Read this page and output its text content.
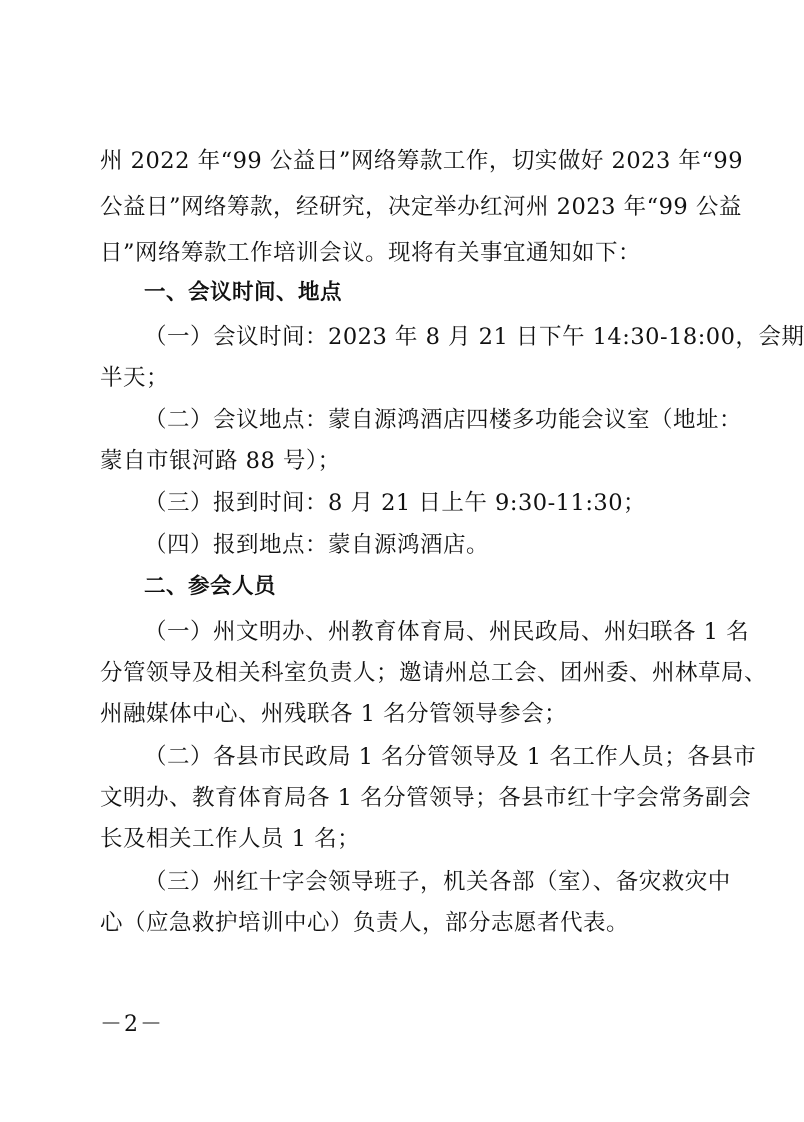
州 2022 年“99 公益日”网络筹款工作，切实做好 2023 年“99
公益日”网络筹款，经研究，决定举办红河州 2023 年“99 公益
日”网络筹款工作培训会议。现将有关事宜通知如下：
一、会议时间、地点
（一）会议时间：2023 年 8 月 21 日下午 14:30-18:00，会期
半天；
（二）会议地点：蒙自源鸿酒店四楼多功能会议室（地址：
蒙自市银河路 88 号）；
（三）报到时间：8 月 21 日上午 9:30-11:30；
（四）报到地点：蒙自源鸿酒店。
二、参会人员
（一）州文明办、州教育体育局、州民政局、州妇联各 1 名
分管领导及相关科室负责人；邀请州总工会、团州委、州林草局、
州融媒体中心、州残联各 1 名分管领导参会；
（二）各县市民政局 1 名分管领导及 1 名工作人员；各县市
文明办、教育体育局各 1 名分管领导；各县市红十字会常务副会
长及相关工作人员 1 名；
（三）州红十字会领导班子，机关各部（室）、备灾救灾中
心（应急救护培训中心）负责人，部分志愿者代表。
－2－
